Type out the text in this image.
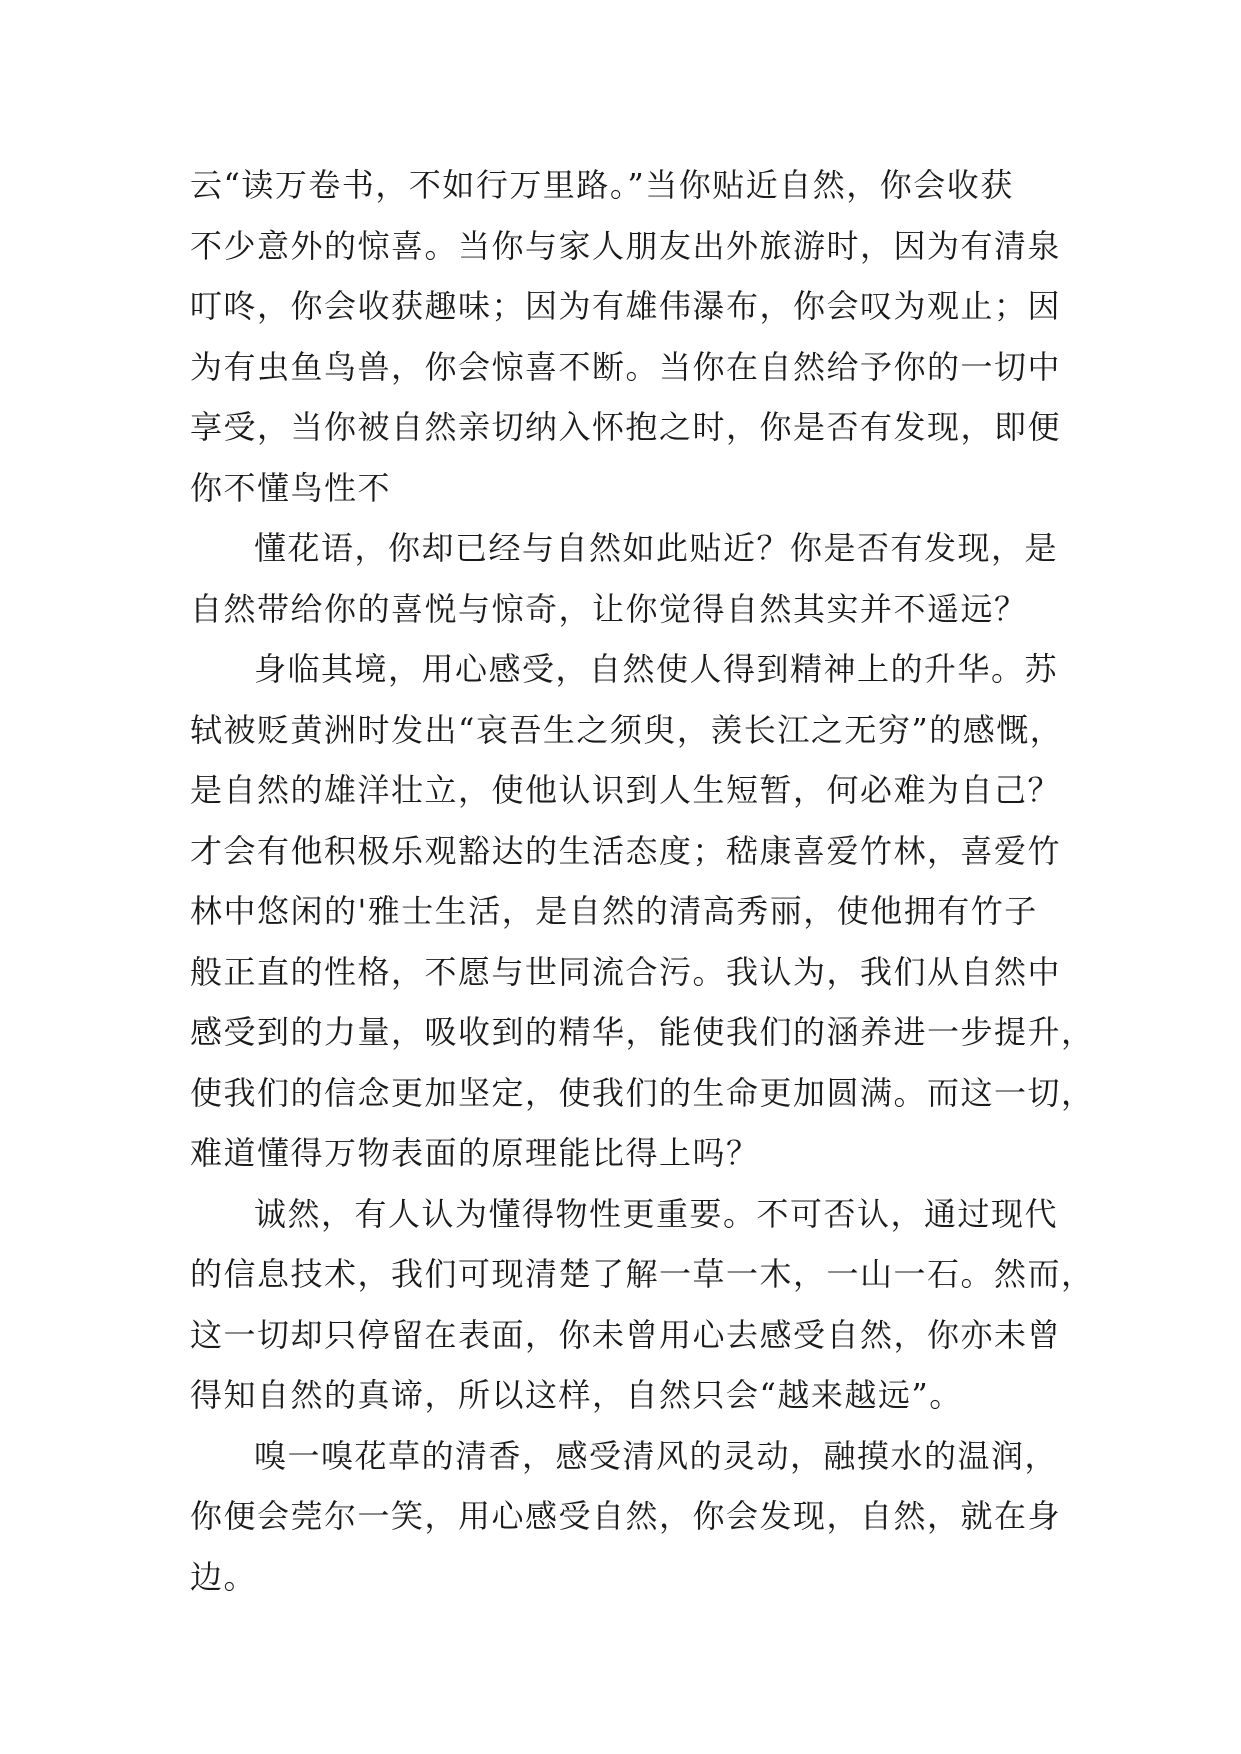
云“读万卷书，不如行万里路。”当你贴近自然，你会收获
不少意外的惊喜。当你与家人朋友出外旅游时，因为有清泉
叮咚，你会收获趣味；因为有雄伟瀑布，你会叹为观止；因
为有虫鱼鸟兽，你会惊喜不断。当你在自然给予你的一切中
享受，当你被自然亲切纳入怀抱之时，你是否有发现，即便
你不懂鸟性不

懂花语，你却已经与自然如此贴近？你是否有发现，是
自然带给你的喜悦与惊奇，让你觉得自然其实并不遥远？

身临其境，用心感受，自然使人得到精神上的升华。苏
轼被贬黄洲时发出“哀吾生之须臾，羡长江之无穷”的感慨，
是自然的雄洋壮立，使他认识到人生短暂，何必难为自己？
才会有他积极乐观豁达的生活态度；嵇康喜爱竹林，喜爱竹
林中悠闲的'雅士生活，是自然的清高秀丽，使他拥有竹子
般正直的性格，不愿与世同流合污。我认为，我们从自然中
感受到的力量，吸收到的精华，能使我们的涵养进一步提升，
使我们的信念更加坚定，使我们的生命更加圆满。而这一切，
难道懂得万物表面的原理能比得上吗？

诚然，有人认为懂得物性更重要。不可否认，通过现代
的信息技术，我们可现清楚了解一草一木，一山一石。然而，
这一切却只停留在表面，你未曾用心去感受自然，你亦未曾
得知自然的真谛，所以这样，自然只会“越来越远”。

嗅一嗅花草的清香，感受清风的灵动，融摸水的温润，
你便会莞尔一笑，用心感受自然，你会发现，自然，就在身
边。
